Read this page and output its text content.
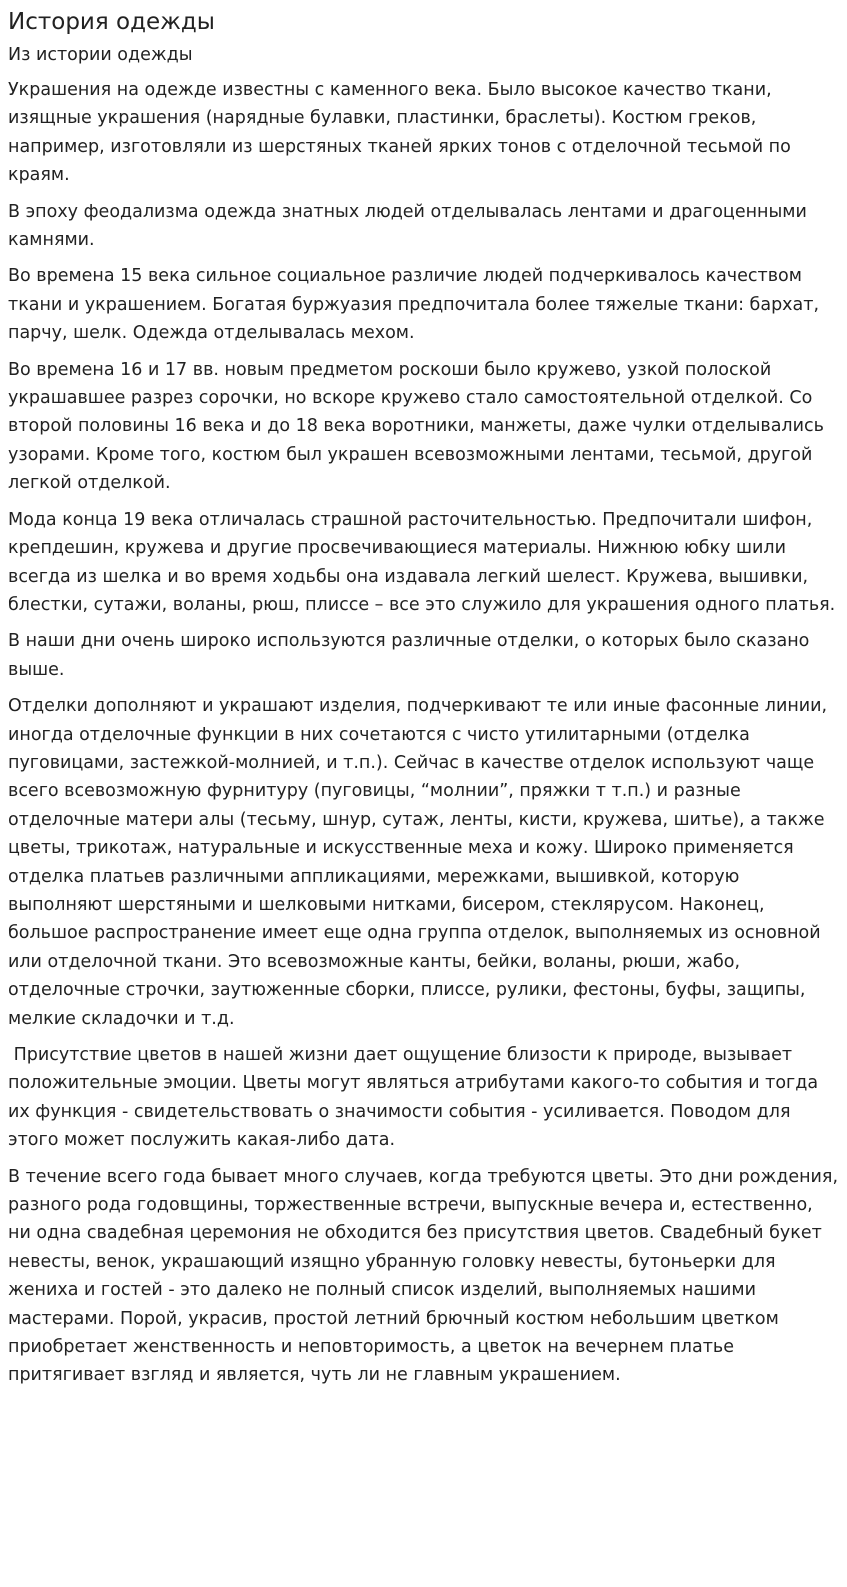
История одежды
Из истории одежды

Украшения на одежде известны с каменного века. Было высокое качество ткани, изящные украшения (нарядные булавки, пластинки, браслеты). Костюм греков, например, изготовляли из шерстяных тканей ярких тонов с отделочной тесьмой по краям.

В эпоху феодализма одежда знатных людей отделывалась лентами и драгоценными камнями.

Во времена 15 века сильное социальное различие людей подчеркивалось качеством ткани и украшением. Богатая буржуазия предпочитала более тяжелые ткани: бархат, парчу, шелк. Одежда отделывалась мехом.

Во времена 16 и 17 вв. новым предметом роскоши было кружево, узкой полоской украшавшее разрез сорочки, но вскоре кружево стало самостоятельной отделкой. Со второй половины 16 века и до 18 века воротники, манжеты, даже чулки отделывались узорами. Кроме того, костюм был украшен всевозможными лентами, тесьмой, другой легкой отделкой.

Мода конца 19 века отличалась страшной расточительностью. Предпочитали шифон, крепдешин, кружева и другие просвечивающиеся материалы. Нижнюю юбку шили всегда из шелка и во время ходьбы она издавала легкий шелест. Кружева, вышивки, блестки, сутажи, воланы, рюш, плиссе – все это служило для украшения одного платья.

В наши дни очень широко используются различные отделки, о которых было сказано выше.

Отделки дополняют и украшают изделия, подчеркивают те или иные фасонные линии, иногда отделочные функции в них сочетаются с чисто утилитарными (отделка пуговицами, застежкой-молнией, и т.п.). Сейчас в качестве отделок используют чаще всего всевозможную фурнитуру (пуговицы, “молнии”, пряжки т т.п.) и разные отделочные матери алы (тесьму, шнур, сутаж, ленты, кисти, кружева, шитье), а также цветы, трикотаж, натуральные и искусственные меха и кожу. Широко применяется отделка платьев различными аппликациями, мережками, вышивкой, которую выполняют шерстяными и шелковыми нитками, бисером, стеклярусом. Наконец, большое распространение имеет еще одна группа отделок, выполняемых из основной или отделочной ткани. Это всевозможные канты, бейки, воланы, рюши, жабо, отделочные строчки, заутюженные сборки, плиссе, рулики, фестоны, буфы, защипы, мелкие складочки и т.д.

Присутствие цветов в нашей жизни дает ощущение близости к природе, вызывает положительные эмоции. Цветы могут являться атрибутами какого-то события и тогда их функция - свидетельствовать о значимости события - усиливается. Поводом для этого может послужить какая-либо дата.

В течение всего года бывает много случаев, когда требуются цветы. Это дни рождения, разного рода годовщины, торжественные встречи, выпускные вечера и, естественно, ни одна свадебная церемония не обходится без присутствия цветов. Свадебный букет невесты, венок, украшающий изящно убранную головку невесты, бутоньерки для жениха и гостей - это далеко не полный список изделий, выполняемых нашими мастерами. Порой, украсив, простой летний брючный костюм небольшим цветком приобретает женственность и неповторимость, а цветок на вечернем платье притягивает взгляд и является, чуть ли не главным украшением.
